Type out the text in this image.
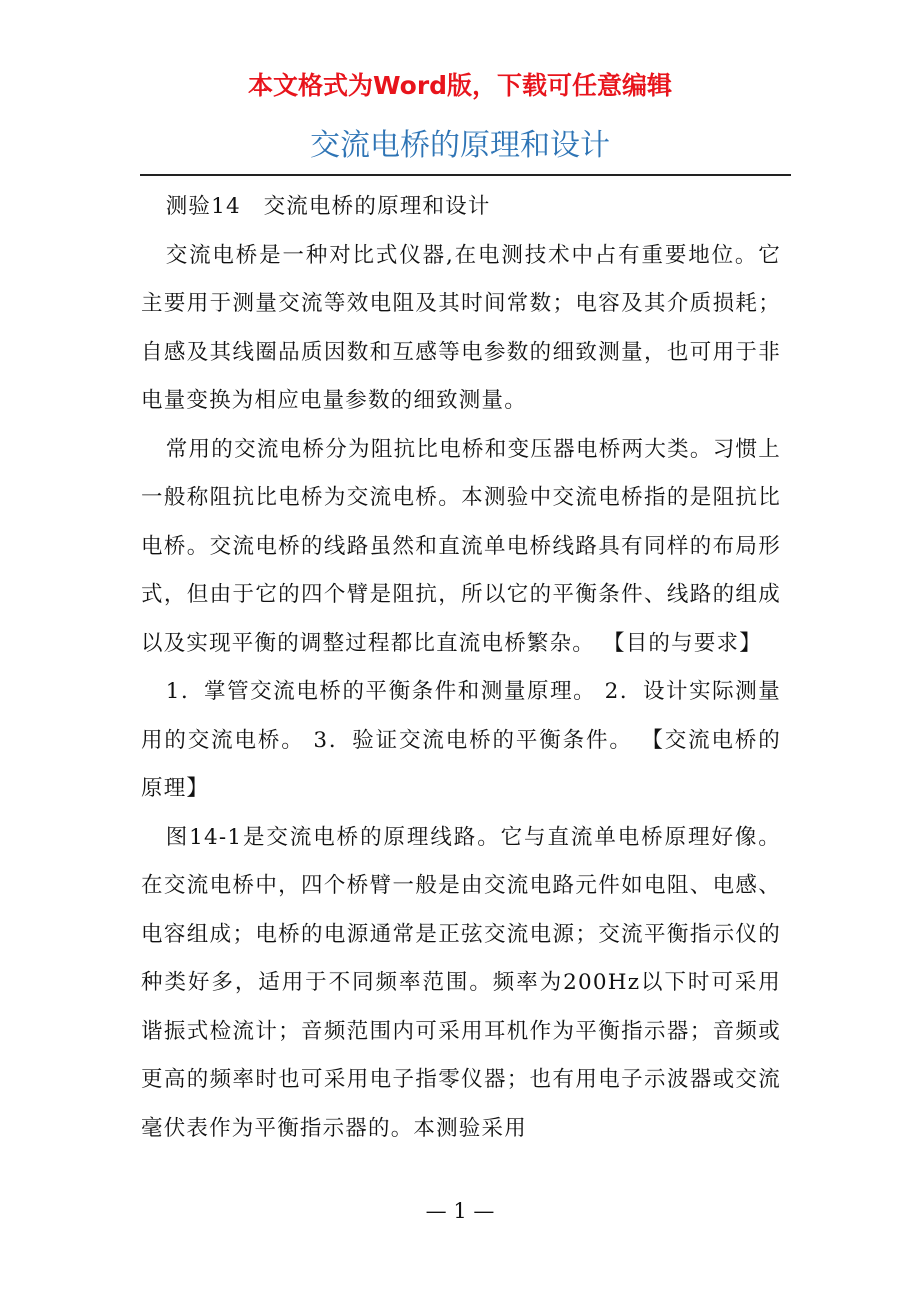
本文格式为Word版，下载可任意编辑
交流电桥的原理和设计

测验14　交流电桥的原理和设计

交流电桥是一种对比式仪器,在电测技术中占有重要地位。它主要用于测量交流等效电阻及其时间常数；电容及其介质损耗；自感及其线圈品质因数和互感等电参数的细致测量，也可用于非电量变换为相应电量参数的细致测量。

常用的交流电桥分为阻抗比电桥和变压器电桥两大类。习惯上一般称阻抗比电桥为交流电桥。本测验中交流电桥指的是阻抗比电桥。交流电桥的线路虽然和直流单电桥线路具有同样的布局形式，但由于它的四个臂是阻抗，所以它的平衡条件、线路的组成以及实现平衡的调整过程都比直流电桥繁杂。 【目的与要求】

1．掌管交流电桥的平衡条件和测量原理。 2．设计实际测量用的交流电桥。 3．验证交流电桥的平衡条件。 【交流电桥的原理】

图14-1是交流电桥的原理线路。它与直流单电桥原理好像。在交流电桥中，四个桥臂一般是由交流电路元件如电阻、电感、电容组成；电桥的电源通常是正弦交流电源；交流平衡指示仪的种类好多，适用于不同频率范围。频率为200Hz以下时可采用谐振式检流计；音频范围内可采用耳机作为平衡指示器；音频或更高的频率时也可采用电子指零仪器；也有用电子示波器或交流毫伏表作为平衡指示器的。本测验采用

— 1 —
